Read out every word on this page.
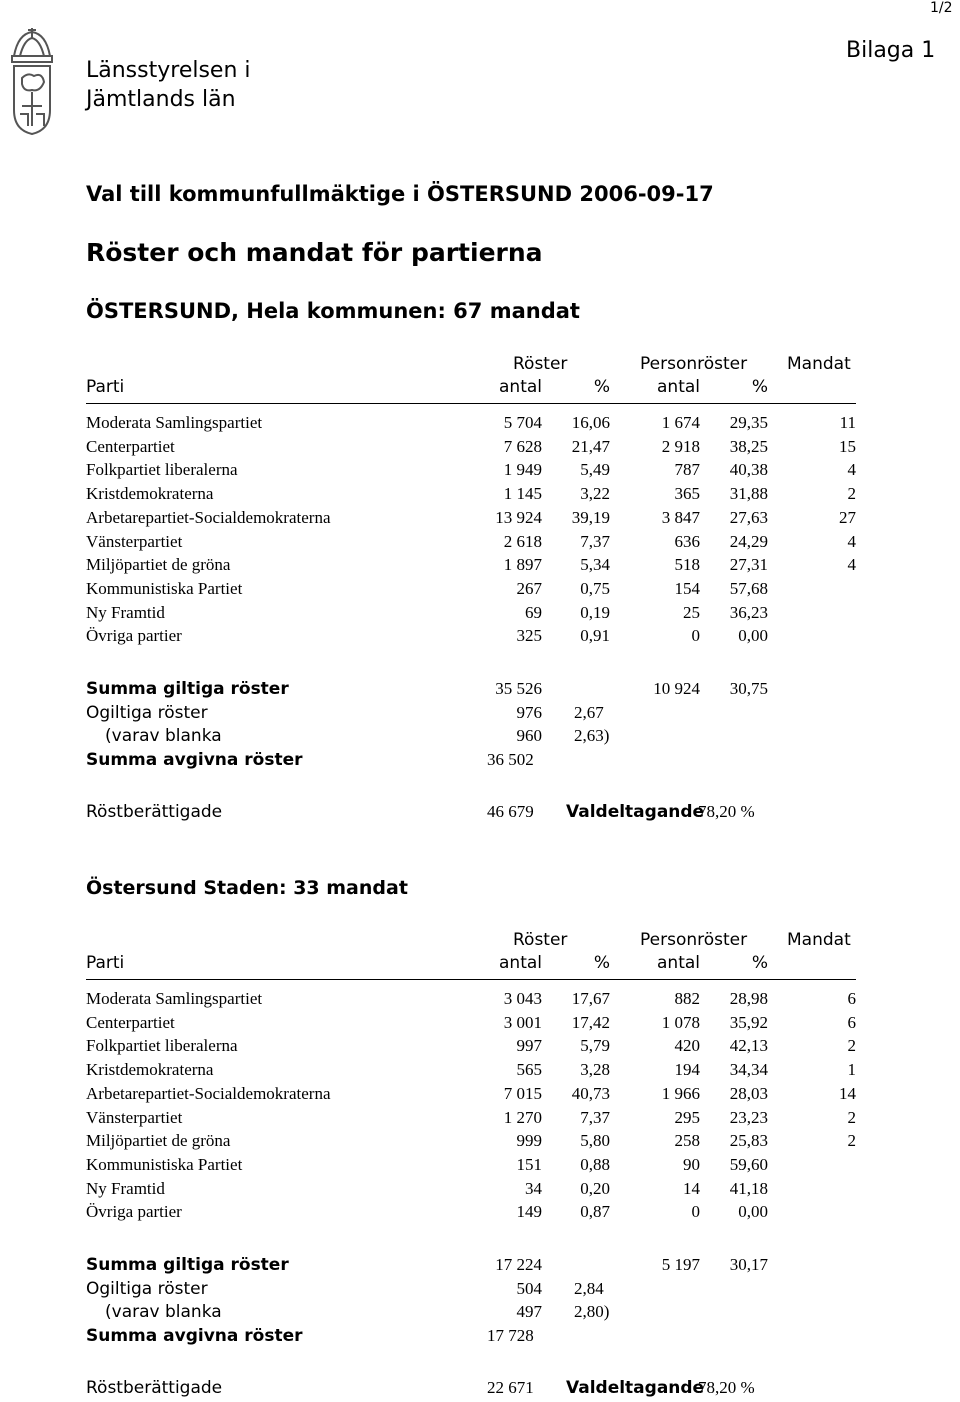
1/2
Länsstyrelsen i
Jämtlands län
Bilaga 1
Val till kommunfullmäktige i ÖSTERSUND 2006-09-17
Röster och mandat för partierna
ÖSTERSUND, Hela kommunen: 67 mandat
Östersund Staden: 33 mandat
Röster	Personröster Mandat
Parti	antal	%	antal	%
Moderata Samlingspartiet	5 704 16,06	1 674 29,35	11
Centerpartiet	7 628 21,47	2 918 38,25	15
Folkpartiet liberalerna	1 949 5,49	787 40,38	4
Kristdemokraterna	1 145 3,22	365 31,88	2
Arbetarepartiet-Socialdemokraterna	13 924 39,19	3 847 27,63	27
Vänsterpartiet	2 618 7,37	636 24,29	4
Miljöpartiet de gröna	1 897 5,34	518 27,31	4
Kommunistiska Partiet	267 0,75	154 57,68
Ny Framtid	69 0,19	25 36,23
Övriga partier	325 0,91	0 0,00
Summa giltiga röster	35 526	10 924 30,75
Ogiltiga röster	976 2,67
(varav blanka	960 2,63)
Summa avgivna röster	36 502
Röstberättigade	46 679 Valdeltagande
78,20 %
Röster	Personröster Mandat
Parti	antal	%	antal	%
Moderata Samlingspartiet	3 043 17,67	882 28,98	6
Centerpartiet	3 001 17,42	1 078 35,92	6
Folkpartiet liberalerna	997 5,79	420 42,13	2
Kristdemokraterna	565 3,28	194 34,34	1
Arbetarepartiet-Socialdemokraterna	7 015 40,73	1 966 28,03	14
Vänsterpartiet	1 270 7,37	295 23,23	2
Miljöpartiet de gröna	999 5,80	258 25,83	2
Kommunistiska Partiet	151 0,88	90 59,60
Ny Framtid	34 0,20	14 41,18
Övriga partier	149 0,87	0 0,00
Summa giltiga röster	17 224	5 197 30,17
Ogiltiga röster	504 2,84
(varav blanka	497 2,80)
Summa avgivna röster	17 728
Röstberättigade	22 671 Valdeltagande
78,20 %
